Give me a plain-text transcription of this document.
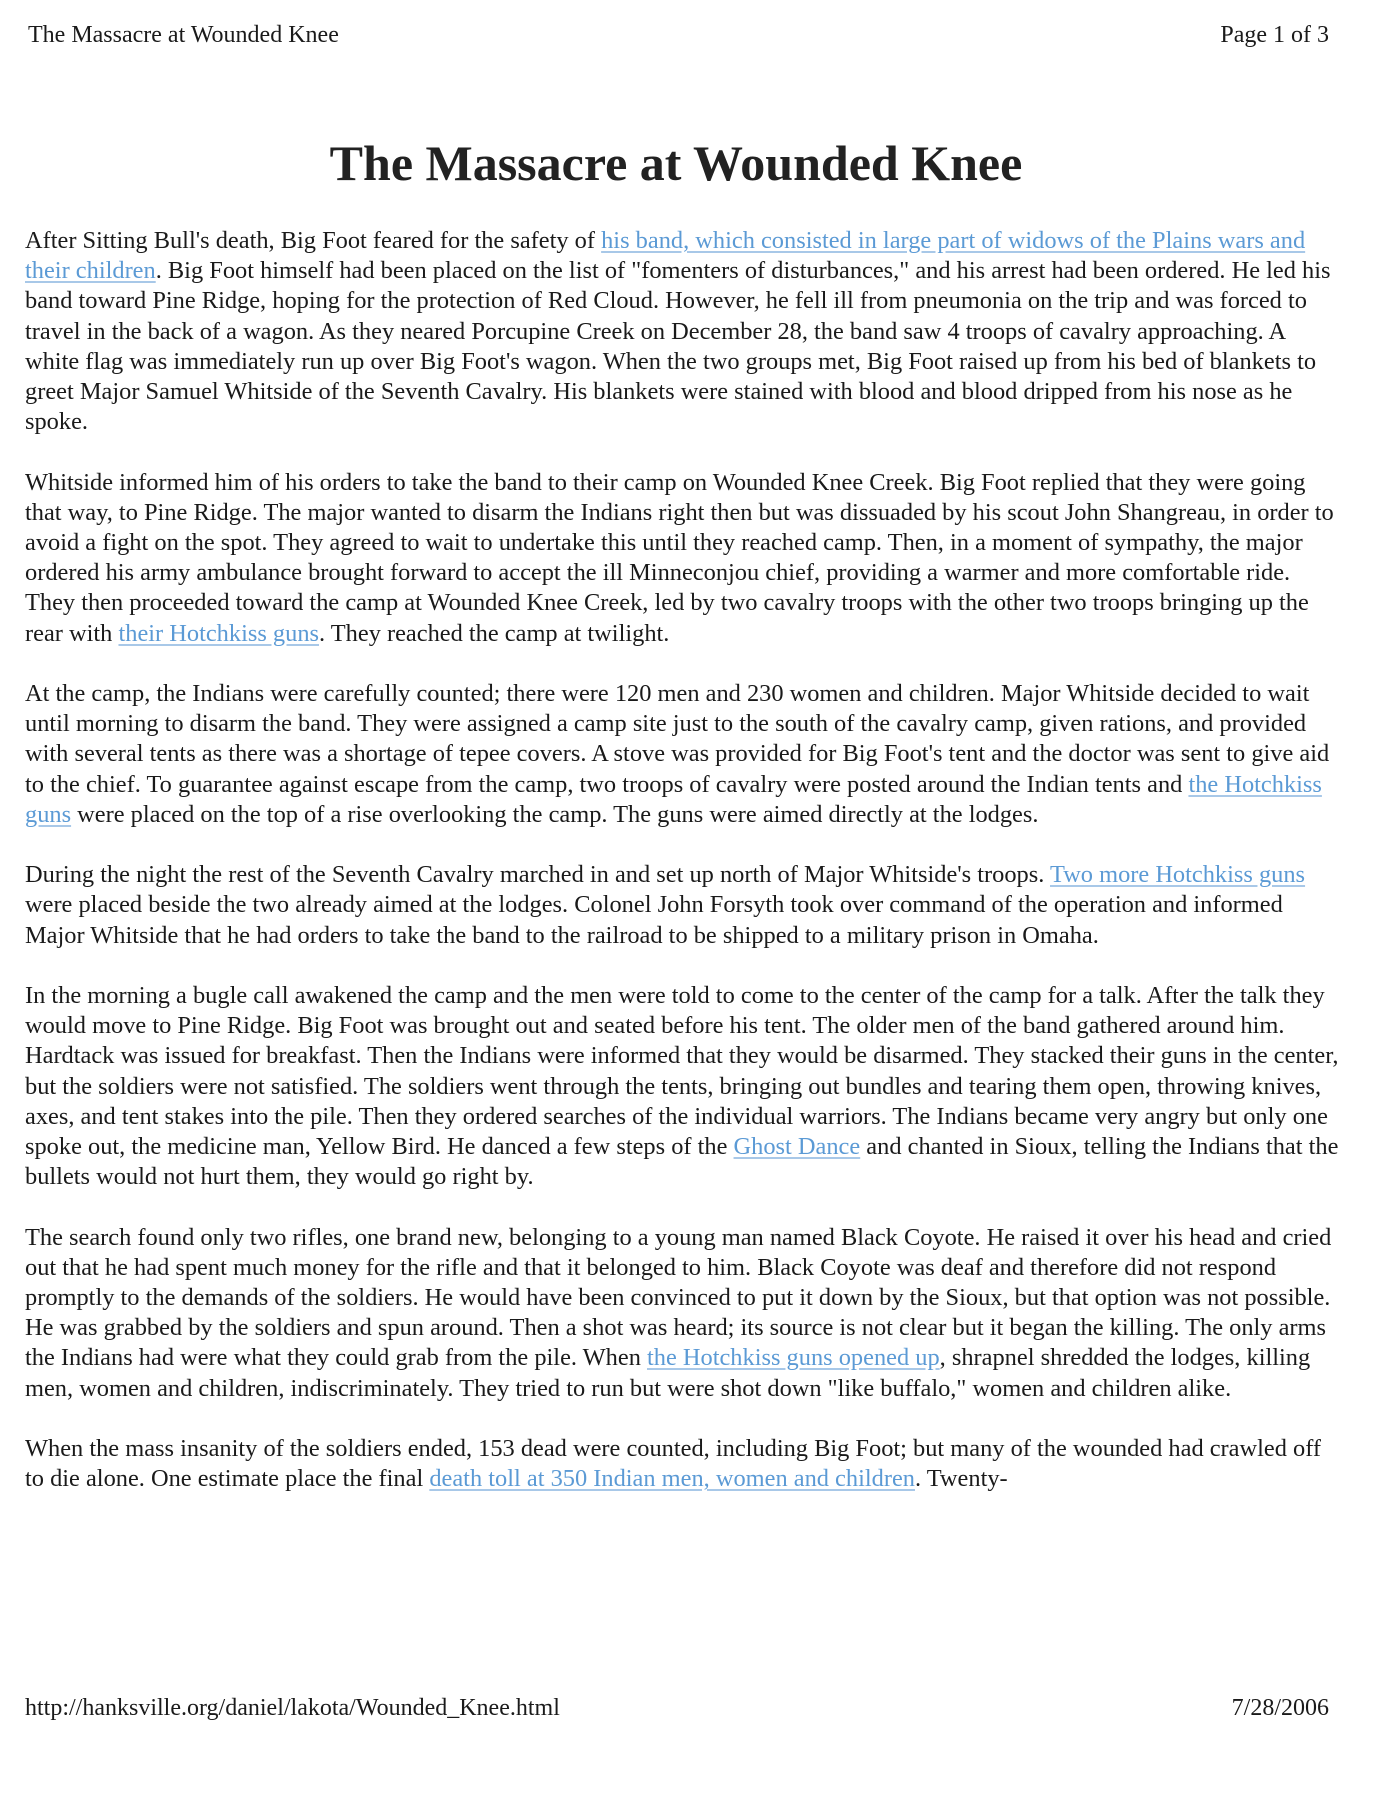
The Massacre at Wounded Knee	Page 1 of 3
The Massacre at Wounded Knee

After Sitting Bull's death, Big Foot feared for the safety of his band, which consisted in large part of widows of the Plains wars and their children. Big Foot himself had been placed on the list of "fomenters of disturbances," and his arrest had been ordered. He led his band toward Pine Ridge, hoping for the protection of Red Cloud. However, he fell ill from pneumonia on the trip and was forced to travel in the back of a wagon. As they neared Porcupine Creek on December 28, the band saw 4 troops of cavalry approaching. A white flag was immediately run up over Big Foot's wagon. When the two groups met, Big Foot raised up from his bed of blankets to greet Major Samuel Whitside of the Seventh Cavalry. His blankets were stained with blood and blood dripped from his nose as he spoke.

Whitside informed him of his orders to take the band to their camp on Wounded Knee Creek. Big Foot replied that they were going that way, to Pine Ridge. The major wanted to disarm the Indians right then but was dissuaded by his scout John Shangreau, in order to avoid a fight on the spot. They agreed to wait to undertake this until they reached camp. Then, in a moment of sympathy, the major ordered his army ambulance brought forward to accept the ill Minneconjou chief, providing a warmer and more comfortable ride. They then proceeded toward the camp at Wounded Knee Creek, led by two cavalry troops with the other two troops bringing up the rear with their Hotchkiss guns. They reached the camp at twilight.

At the camp, the Indians were carefully counted; there were 120 men and 230 women and children. Major Whitside decided to wait until morning to disarm the band. They were assigned a camp site just to the south of the cavalry camp, given rations, and provided with several tents as there was a shortage of tepee covers. A stove was provided for Big Foot's tent and the doctor was sent to give aid to the chief. To guarantee against escape from the camp, two troops of cavalry were posted around the Indian tents and the Hotchkiss guns were placed on the top of a rise overlooking the camp. The guns were aimed directly at the lodges.

During the night the rest of the Seventh Cavalry marched in and set up north of Major Whitside's troops. Two more Hotchkiss guns were placed beside the two already aimed at the lodges. Colonel John Forsyth took over command of the operation and informed Major Whitside that he had orders to take the band to the railroad to be shipped to a military prison in Omaha.

In the morning a bugle call awakened the camp and the men were told to come to the center of the camp for a talk. After the talk they would move to Pine Ridge. Big Foot was brought out and seated before his tent. The older men of the band gathered around him. Hardtack was issued for breakfast. Then the Indians were informed that they would be disarmed. They stacked their guns in the center, but the soldiers were not satisfied. The soldiers went through the tents, bringing out bundles and tearing them open, throwing knives, axes, and tent stakes into the pile. Then they ordered searches of the individual warriors. The Indians became very angry but only one spoke out, the medicine man, Yellow Bird. He danced a few steps of the Ghost Dance and chanted in Sioux, telling the Indians that the bullets would not hurt them, they would go right by.

The search found only two rifles, one brand new, belonging to a young man named Black Coyote. He raised it over his head and cried out that he had spent much money for the rifle and that it belonged to him. Black Coyote was deaf and therefore did not respond promptly to the demands of the soldiers. He would have been convinced to put it down by the Sioux, but that option was not possible. He was grabbed by the soldiers and spun around. Then a shot was heard; its source is not clear but it began the killing. The only arms the Indians had were what they could grab from the pile. When the Hotchkiss guns opened up, shrapnel shredded the lodges, killing men, women and children, indiscriminately. They tried to run but were shot down "like buffalo," women and children alike.

When the mass insanity of the soldiers ended, 153 dead were counted, including Big Foot; but many of the wounded had crawled off to die alone. One estimate place the final death toll at 350 Indian men, women and children. Twenty-

http://hanksville.org/daniel/lakota/Wounded_Knee.html	7/28/2006
